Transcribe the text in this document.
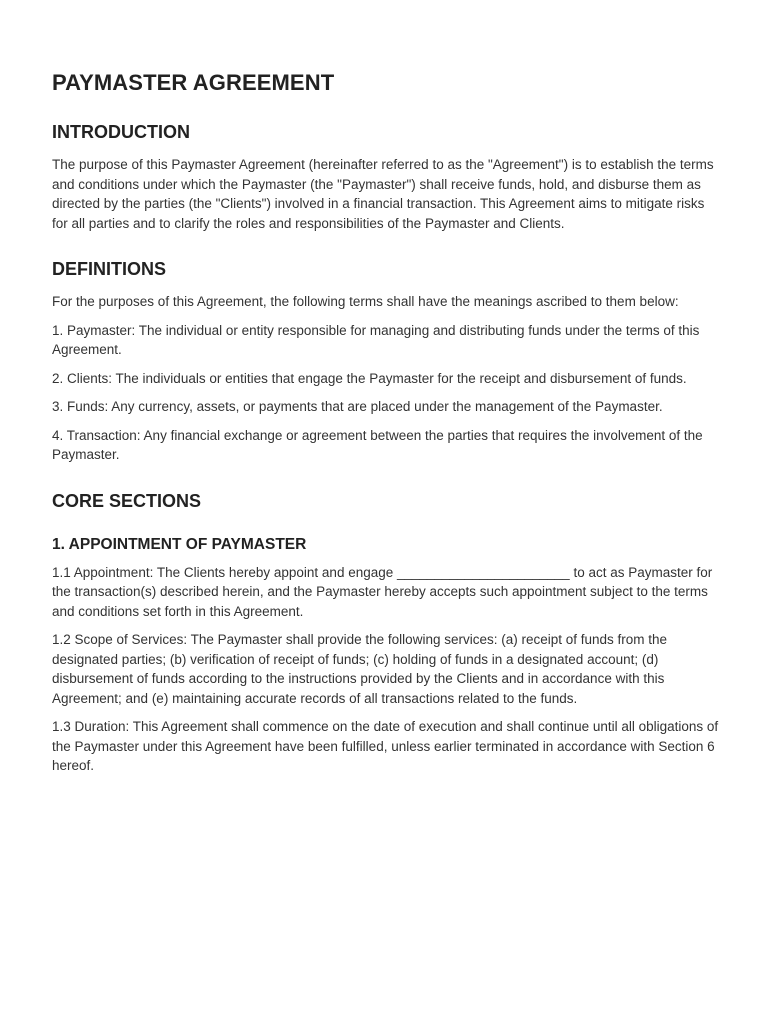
PAYMASTER AGREEMENT
INTRODUCTION

The purpose of this Paymaster Agreement (hereinafter referred to as the "Agreement") is to establish the terms and conditions under which the Paymaster (the "Paymaster") shall receive funds, hold, and disburse them as directed by the parties (the "Clients") involved in a financial transaction. This Agreement aims to mitigate risks for all parties and to clarify the roles and responsibilities of the Paymaster and Clients.

DEFINITIONS

For the purposes of this Agreement, the following terms shall have the meanings ascribed to them below:

1. Paymaster: The individual or entity responsible for managing and distributing funds under the terms of this Agreement.

2. Clients: The individuals or entities that engage the Paymaster for the receipt and disbursement of funds.

3. Funds: Any currency, assets, or payments that are placed under the management of the Paymaster.

4. Transaction: Any financial exchange or agreement between the parties that requires the involvement of the Paymaster.

CORE SECTIONS
1. APPOINTMENT OF PAYMASTER

1.1 Appointment: The Clients hereby appoint and engage _______________________ to act as Paymaster for the transaction(s) described herein, and the Paymaster hereby accepts such appointment subject to the terms and conditions set forth in this Agreement.

1.2 Scope of Services: The Paymaster shall provide the following services: (a) receipt of funds from the designated parties; (b) verification of receipt of funds; (c) holding of funds in a designated account; (d) disbursement of funds according to the instructions provided by the Clients and in accordance with this Agreement; and (e) maintaining accurate records of all transactions related to the funds.

1.3 Duration: This Agreement shall commence on the date of execution and shall continue until all obligations of the Paymaster under this Agreement have been fulfilled, unless earlier terminated in accordance with Section 6 hereof.
